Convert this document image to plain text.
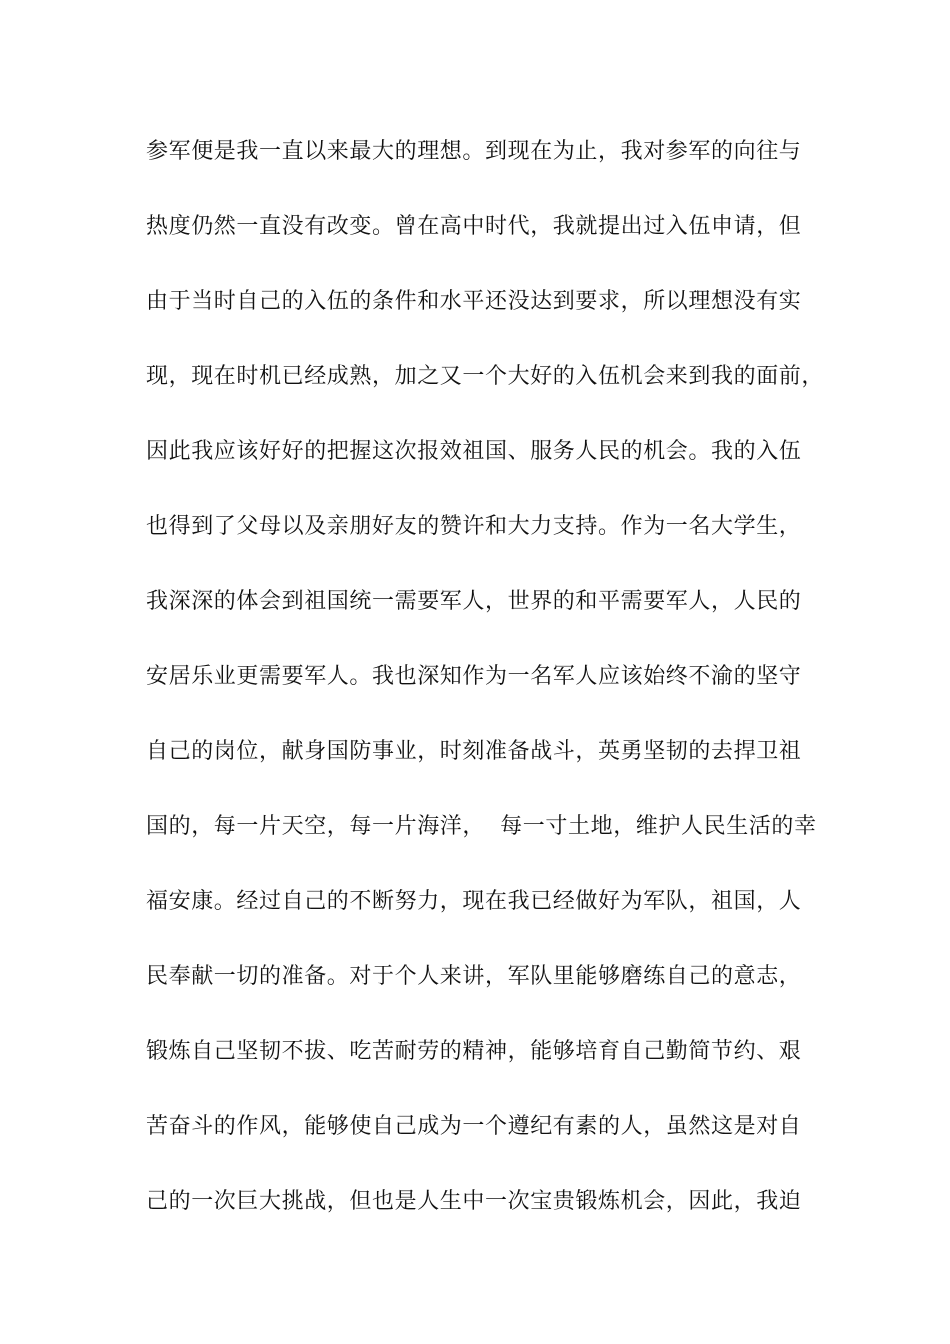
参军便是我一直以来最大的理想。到现在为止，我对参军的向往与
热度仍然一直没有改变。曾在高中时代，我就提出过入伍申请，但
由于当时自己的入伍的条件和水平还没达到要求，所以理想没有实
现，现在时机已经成熟，加之又一个大好的入伍机会来到我的面前，
因此我应该好好的把握这次报效祖国、服务人民的机会。我的入伍
也得到了父母以及亲朋好友的赞许和大力支持。作为一名大学生，
我深深的体会到祖国统一需要军人，世界的和平需要军人，人民的
安居乐业更需要军人。我也深知作为一名军人应该始终不渝的坚守
自己的岗位，献身国防事业，时刻准备战斗，英勇坚韧的去捍卫祖
国的，每一片天空，每一片海洋，  每一寸土地，维护人民生活的幸
福安康。经过自己的不断努力，现在我已经做好为军队，祖国，人
民奉献一切的准备。对于个人来讲，军队里能够磨练自己的意志，
锻炼自己坚韧不拔、吃苦耐劳的精神，能够培育自己勤简节约、艰
苦奋斗的作风，能够使自己成为一个遵纪有素的人，虽然这是对自
己的一次巨大挑战，但也是人生中一次宝贵锻炼机会，因此，我迫
